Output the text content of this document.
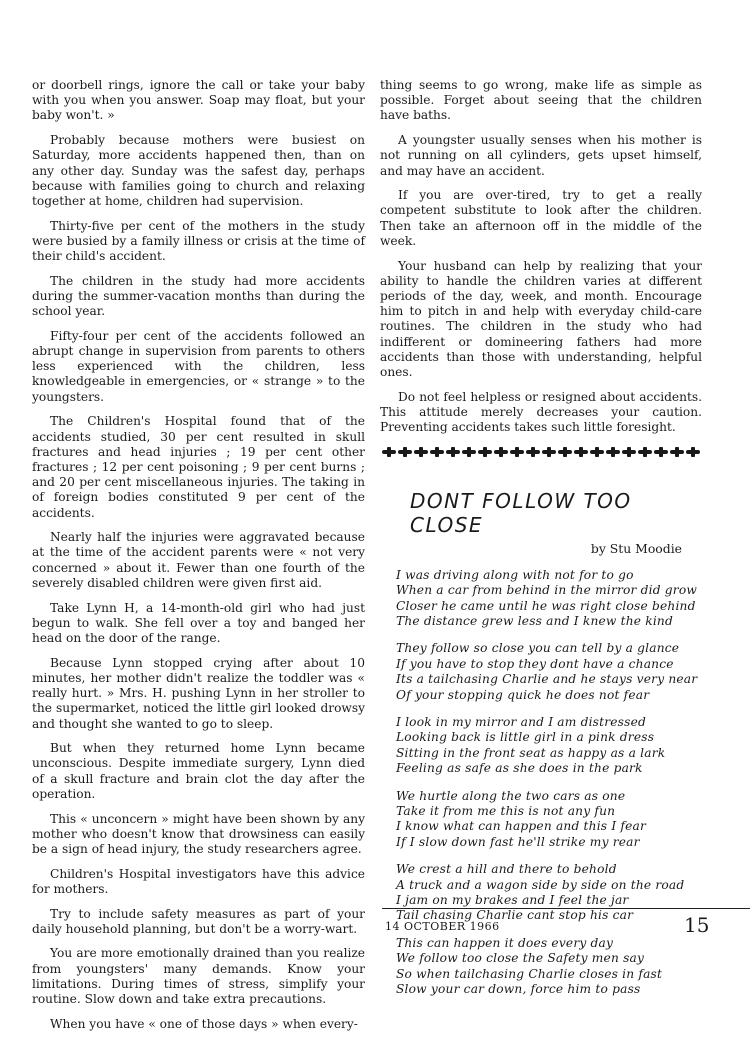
or doorbell rings, ignore the call or take your baby with you when you answer. Soap may float, but your baby won't. »

Probably because mothers were busiest on Saturday, more accidents happened then, than on any other day. Sunday was the safest day, perhaps because with families going to church and relaxing together at home, children had supervision.

Thirty-five per cent of the mothers in the study were busied by a family illness or crisis at the time of their child's accident.

The children in the study had more accidents during the summer-vacation months than during the school year.

Fifty-four per cent of the accidents followed an abrupt change in supervision from parents to others less experienced with the children, less knowledgeable in emergencies, or « strange » to the youngsters.

The Children's Hospital found that of the accidents studied, 30 per cent resulted in skull fractures and head injuries ; 19 per cent other fractures ; 12 per cent poisoning ; 9 per cent burns ; and 20 per cent miscellaneous injuries. The taking in of foreign bodies constituted 9 per cent of the accidents.

Nearly half the injuries were aggravated because at the time of the accident parents were « not very concerned » about it. Fewer than one fourth of the severely disabled children were given first aid.

Take Lynn H, a 14-month-old girl who had just begun to walk. She fell over a toy and banged her head on the door of the range.

Because Lynn stopped crying after about 10 minutes, her mother didn't realize the toddler was « really hurt. » Mrs. H. pushing Lynn in her stroller to the supermarket, noticed the little girl looked drowsy and thought she wanted to go to sleep.

But when they returned home Lynn became unconscious. Despite immediate surgery, Lynn died of a skull fracture and brain clot the day after the operation.

This « unconcern » might have been shown by any mother who doesn't know that drowsiness can easily be a sign of head injury, the study researchers agree.

Children's Hospital investigators have this advice for mothers.

Try to include safety measures as part of your daily household planning, but don't be a worry-wart.

You are more emotionally drained than you realize from youngsters' many demands. Know your limitations. During times of stress, simplify your routine. Slow down and take extra precautions.

When you have « one of those days » when every-

thing seems to go wrong, make life as simple as possible. Forget about seeing that the children have baths.

A youngster usually senses when his mother is not running on all cylinders, gets upset himself, and may have an accident.

If you are over-tired, try to get a really competent substitute to look after the children. Then take an afternoon off in the middle of the week.

Your husband can help by realizing that your ability to handle the children varies at different periods of the day, week, and month. Encourage him to pitch in and help with everyday child-care routines. The children in the study who had indifferent or domineering fathers had more accidents than those with understanding, helpful ones.

Do not feel helpless or resigned about accidents. This attitude merely decreases your caution. Preventing accidents takes such little foresight.

DONT FOLLOW TOO CLOSE
by Stu Moodie
I was driving along with not for to go
When a car from behind in the mirror did grow
Closer he came until he was right close behind
The distance grew less and I knew the kind
They follow so close you can tell by a glance
If you have to stop they dont have a chance
Its a tailchasing Charlie and he stays very near
Of your stopping quick he does not fear
I look in my mirror and I am distressed
Looking back is little girl in a pink dress
Sitting in the front seat as happy as a lark
Feeling as safe as she does in the park
We hurtle along the two cars as one
Take it from me this is not any fun
I know what can happen and this I fear
If I slow down fast he'll strike my rear
We crest a hill and there to behold
A truck and a wagon side by side on the road
I jam on my brakes and I feel the jar
Tail chasing Charlie cant stop his car
This can happen it does every day
We follow too close the Safety men say
So when tailchasing Charlie closes in fast
Slow your car down, force him to pass
14 OCTOBER 1966	15
